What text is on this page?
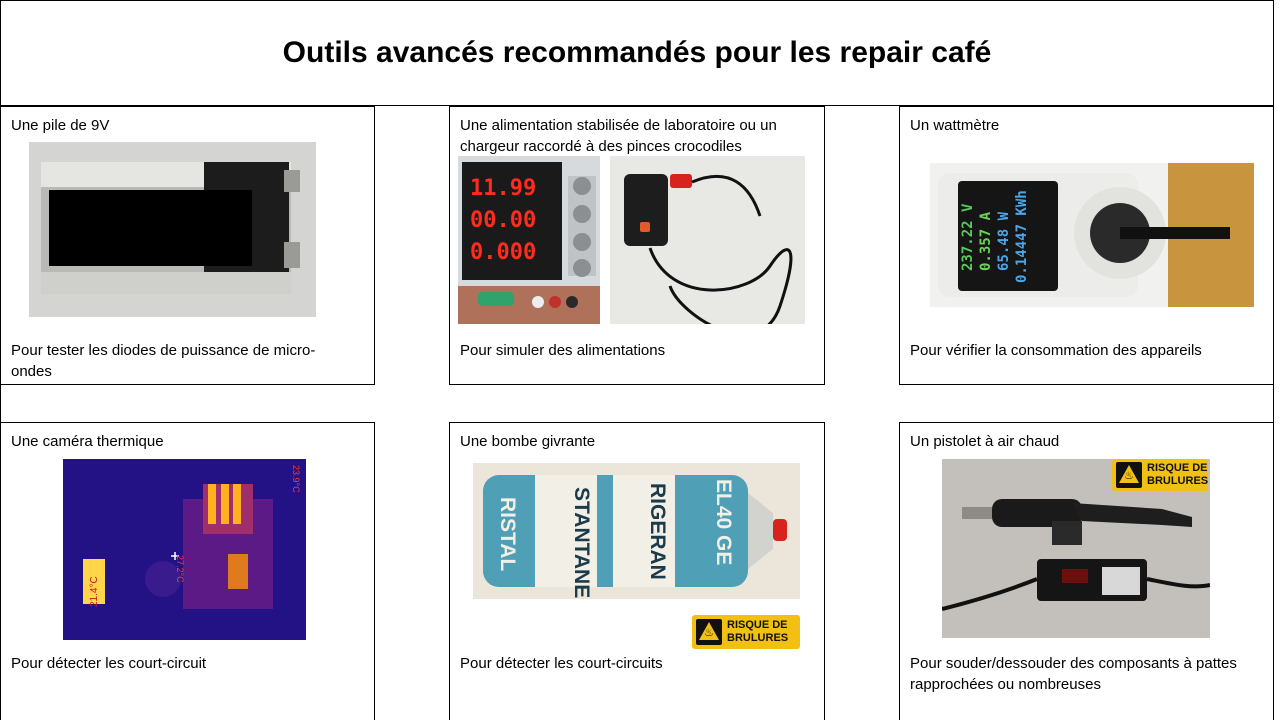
Outils avancés recommandés pour les repair café
Une pile de 9V
Pour tester les diodes de puissance de micro-ondes
Une alimentation stabilisée de laboratoire ou un chargeur raccordé à des pinces crocodiles
11.99
00.00
0.000
Pour simuler des alimentations
Un wattmètre
237.22 V 0.357 A 65.48 W 0.14447 KWh
Pour vérifier la consommation des appareils
Une caméra thermique
23.9°C
21.4°C
27.2°C
Pour détecter les court-circuit
Une bombe givrante
STANTANE	RIGERAN
RISTAL	EL40 GE
♨
RISQUE DE
BRULURES
Pour détecter les court-circuits
Un pistolet à air chaud
♨
RISQUE DE
BRULURES
Pour souder/dessouder des composants à pattes rapprochées ou nombreuses
